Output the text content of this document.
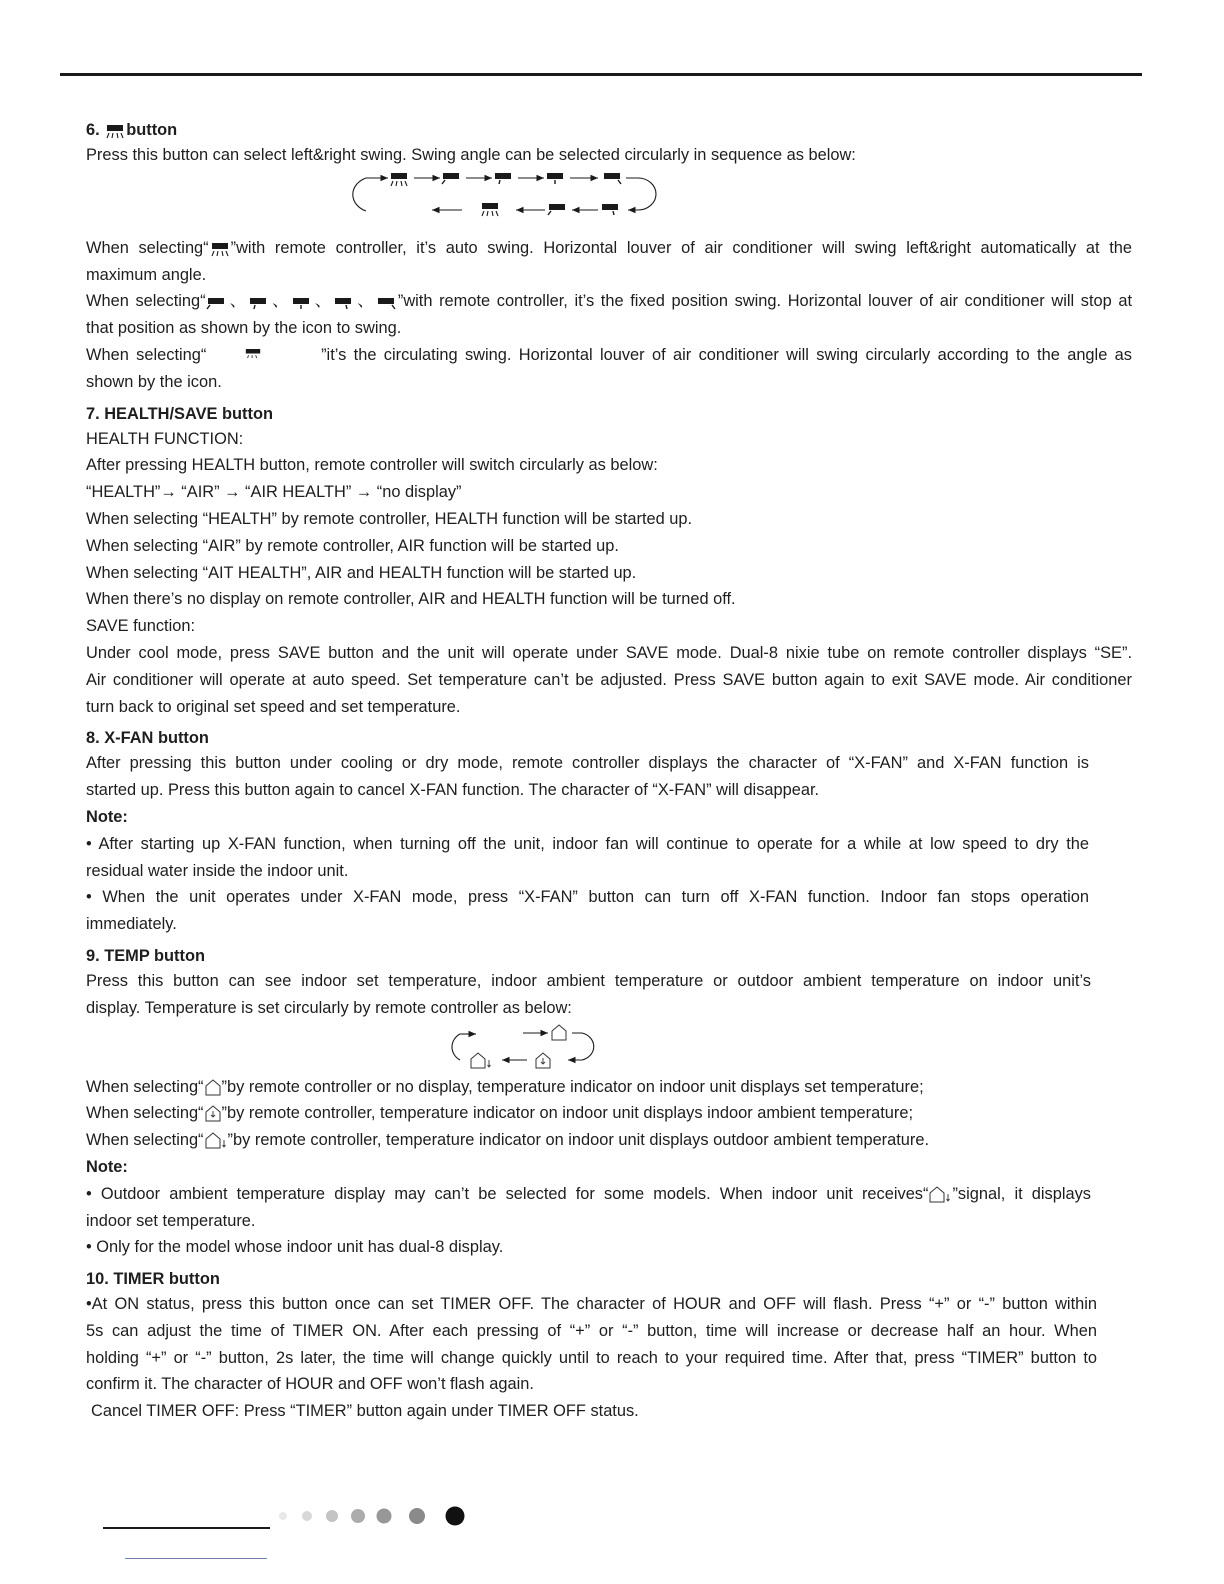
6. button

Press this button can select left&right swing. Swing angle can be selected circularly in sequence as below:

When selecting“ ”with remote controller, it’s auto swing. Horizontal louver of air conditioner will swing left&right automatically at the

maximum angle.

When selecting“ 、 、 、 、 ”with remote controller, it’s the fixed position swing. Horizontal louver of air conditioner will stop at

that position as shown by the icon to swing.

When selecting“	”it’s the circulating swing. Horizontal louver of air conditioner will swing circularly according to the angle as

shown by the icon.

7. HEALTH/SAVE button

HEALTH FUNCTION:

After pressing HEALTH button, remote controller will switch circularly as below:

“HEALTH”→ “AIR” → “AIR HEALTH” → “no display”

When selecting “HEALTH” by remote controller, HEALTH function will be started up.

When selecting “AIR” by remote controller, AIR function will be started up.

When selecting “AIT HEALTH”, AIR and HEALTH function will be started up.

When there’s no display on remote controller, AIR and HEALTH function will be turned off.

SAVE function:

Under cool mode, press SAVE button and the unit will operate under SAVE mode. Dual-8 nixie tube on remote controller displays “SE”.

Air conditioner will operate at auto speed. Set temperature can’t be adjusted. Press SAVE button again to exit SAVE mode. Air conditioner

turn back to original set speed and set temperature.

8. X-FAN button

After pressing this button under cooling or dry mode, remote controller displays the character of “X-FAN” and X-FAN function is

started up. Press this button again to cancel X-FAN function. The character of “X-FAN” will disappear.

Note:

• After starting up X-FAN function, when turning off the unit, indoor fan will continue to operate for a while at low speed to dry the

residual water inside the indoor unit.

• When the unit operates under X-FAN mode, press “X-FAN” button can turn off X-FAN function. Indoor fan stops operation

immediately.

9. TEMP button

Press this button can see indoor set temperature, indoor ambient temperature or outdoor ambient temperature on indoor unit’s

display. Temperature is set circularly by remote controller as below:

When selecting“ ”by remote controller or no display, temperature indicator on indoor unit displays set temperature;

When selecting“ ”by remote controller, temperature indicator on indoor unit displays indoor ambient temperature;

When selecting“ ”by remote controller, temperature indicator on indoor unit displays outdoor ambient temperature.

Note:

• Outdoor ambient temperature display may can’t be selected for some models. When indoor unit receives“ ”signal, it displays

indoor set temperature.

• Only for the model whose indoor unit has dual-8 display.

10. TIMER button

•At ON status, press this button once can set TIMER OFF. The character of HOUR and OFF will flash. Press “+” or “-” button within

5s can adjust the time of TIMER ON. After each pressing of “+” or “-” button, time will increase or decrease half an hour. When

holding “+” or “-” button, 2s later, the time will change quickly until to reach to your required time. After that, press “TIMER” button to

confirm it. The character of HOUR and OFF won’t flash again.

Cancel TIMER OFF: Press “TIMER” button again under TIMER OFF status.
